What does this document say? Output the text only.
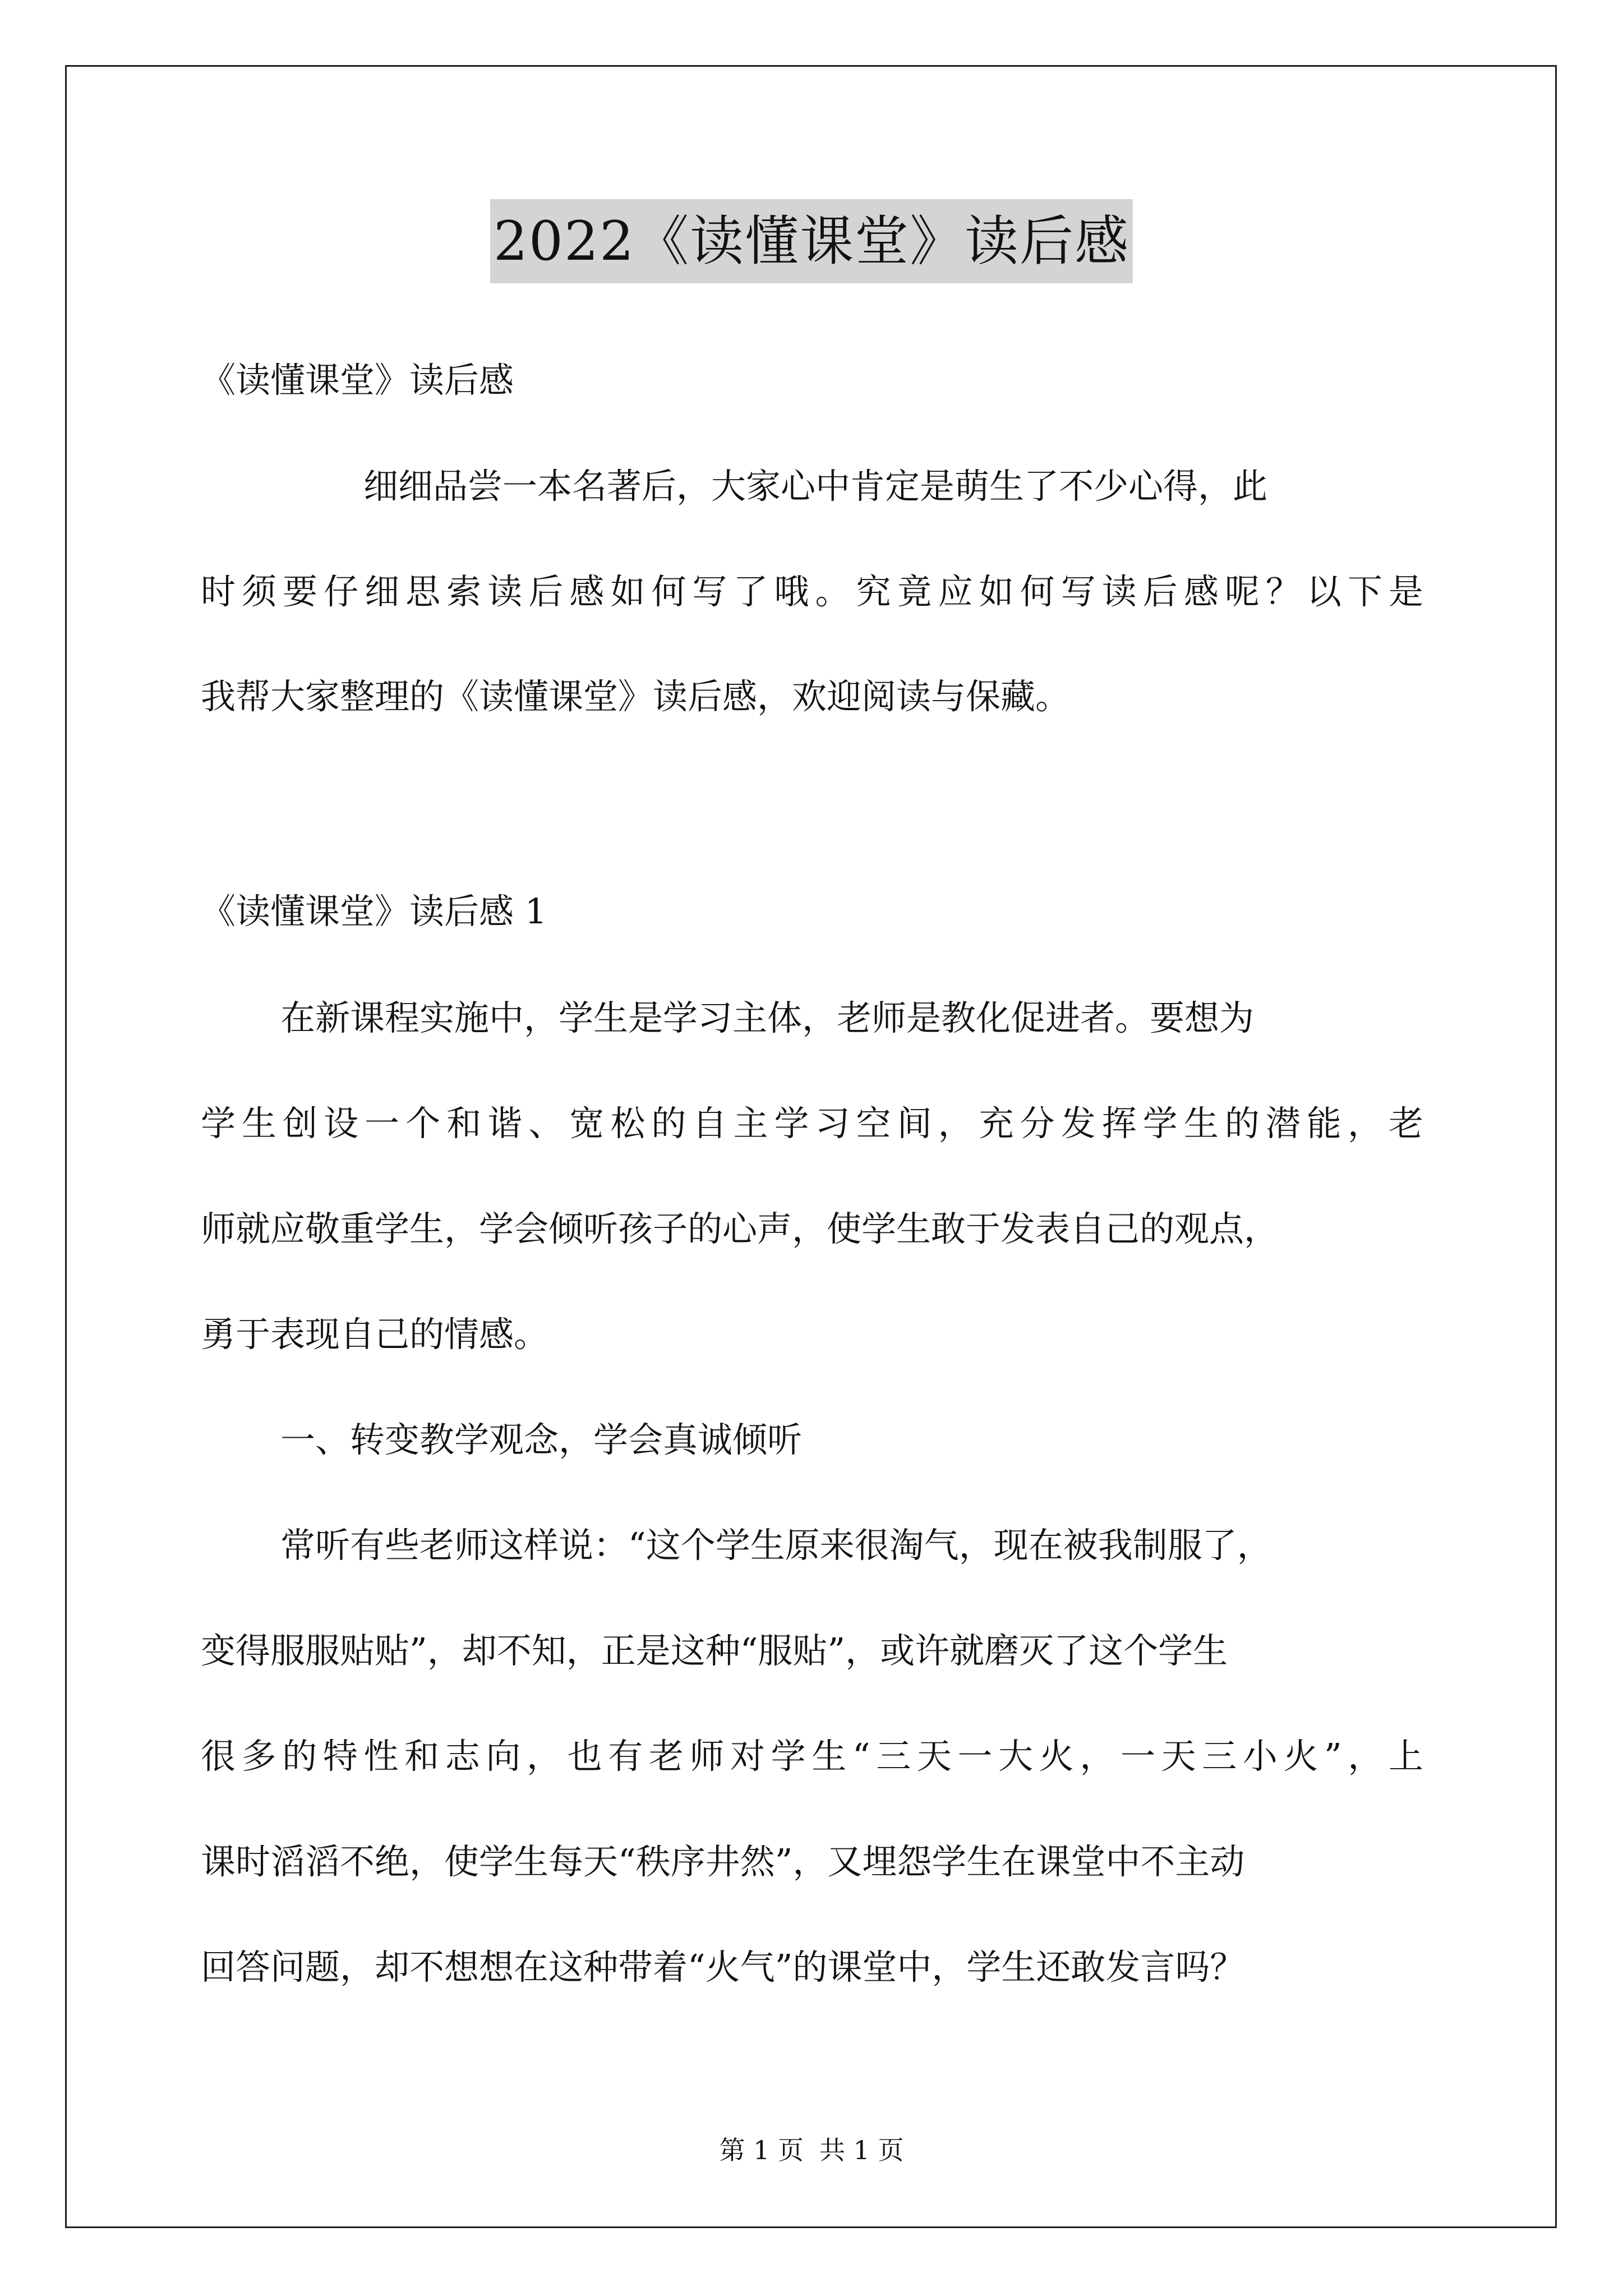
2022《读懂课堂》读后感
《读懂课堂》读后感
细细品尝一本名著后，大家心中肯定是萌生了不少心得，此
时须要仔细思索读后感如何写了哦。究竟应如何写读后感呢？以下是
我帮大家整理的《读懂课堂》读后感，欢迎阅读与保藏。
《读懂课堂》读后感 1
在新课程实施中，学生是学习主体，老师是教化促进者。要想为
学生创设一个和谐、宽松的自主学习空间，充分发挥学生的潜能，老
师就应敬重学生，学会倾听孩子的心声，使学生敢于发表自己的观点，
勇于表现自己的情感。
一、转变教学观念，学会真诚倾听
常听有些老师这样说：“这个学生原来很淘气，现在被我制服了，
变得服服贴贴”，却不知，正是这种“服贴”，或许就磨灭了这个学生
很多的特性和志向，也有老师对学生“三天一大火，一天三小火”，上
课时滔滔不绝，使学生每天“秩序井然”，又埋怨学生在课堂中不主动
回答问题，却不想想在这种带着“火气”的课堂中，学生还敢发言吗？
第 1 页 共 1 页
